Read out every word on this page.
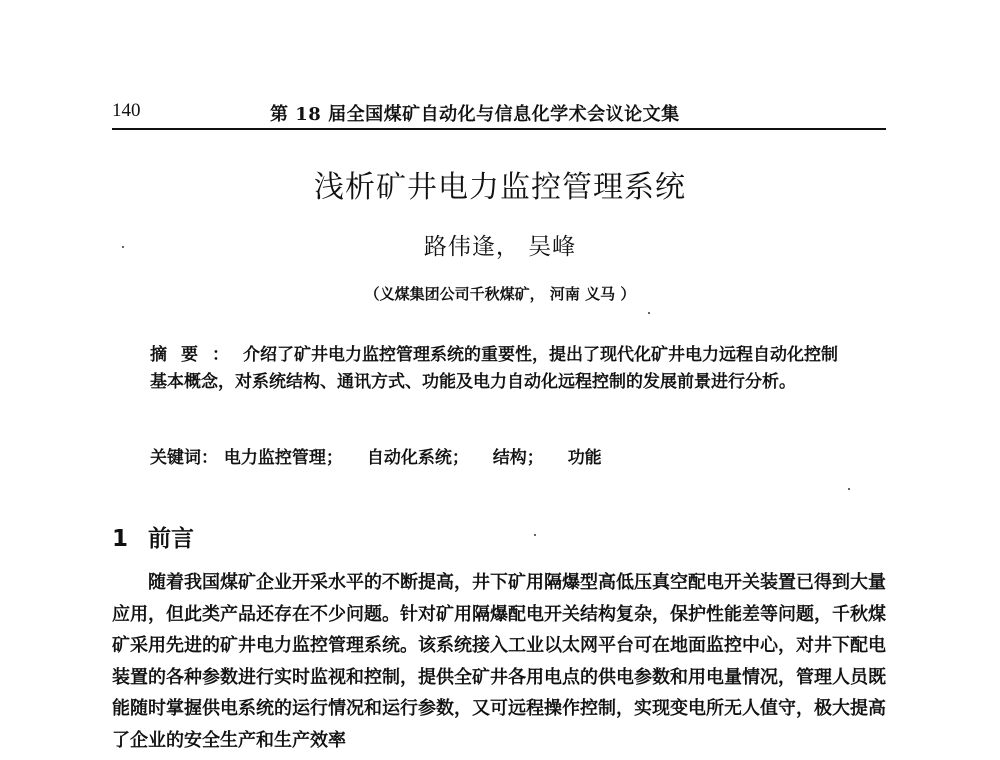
140	第 18 届全国煤矿自动化与信息化学术会议论文集
浅析矿井电力监控管理系统
路伟逢， 吴峰
（义煤集团公司千秋煤矿， 河南 义马 ）
摘要：介绍了矿井电力监控管理系统的重要性，提出了现代化矿井电力远程自动化控制基本概念，对系统结构、通讯方式、功能及电力自动化远程控制的发展前景进行分析。
关键词： 电力监控管理； 自动化系统； 结构； 功能
1 前言

随着我国煤矿企业开采水平的不断提高，井下矿用隔爆型高低压真空配电开关装置已得到大量应用，但此类产品还存在不少问题。针对矿用隔爆配电开关结构复杂，保护性能差等问题，千秋煤矿采用先进的矿井电力监控管理系统。该系统接入工业以太网平台可在地面监控中心，对井下配电装置的各种参数进行实时监视和控制，提供全矿井各用电点的供电参数和用电量情况，管理人员既能随时掌握供电系统的运行情况和运行参数，又可远程操作控制，实现变电所无人值守，极大提高了企业的安全生产和生产效率
